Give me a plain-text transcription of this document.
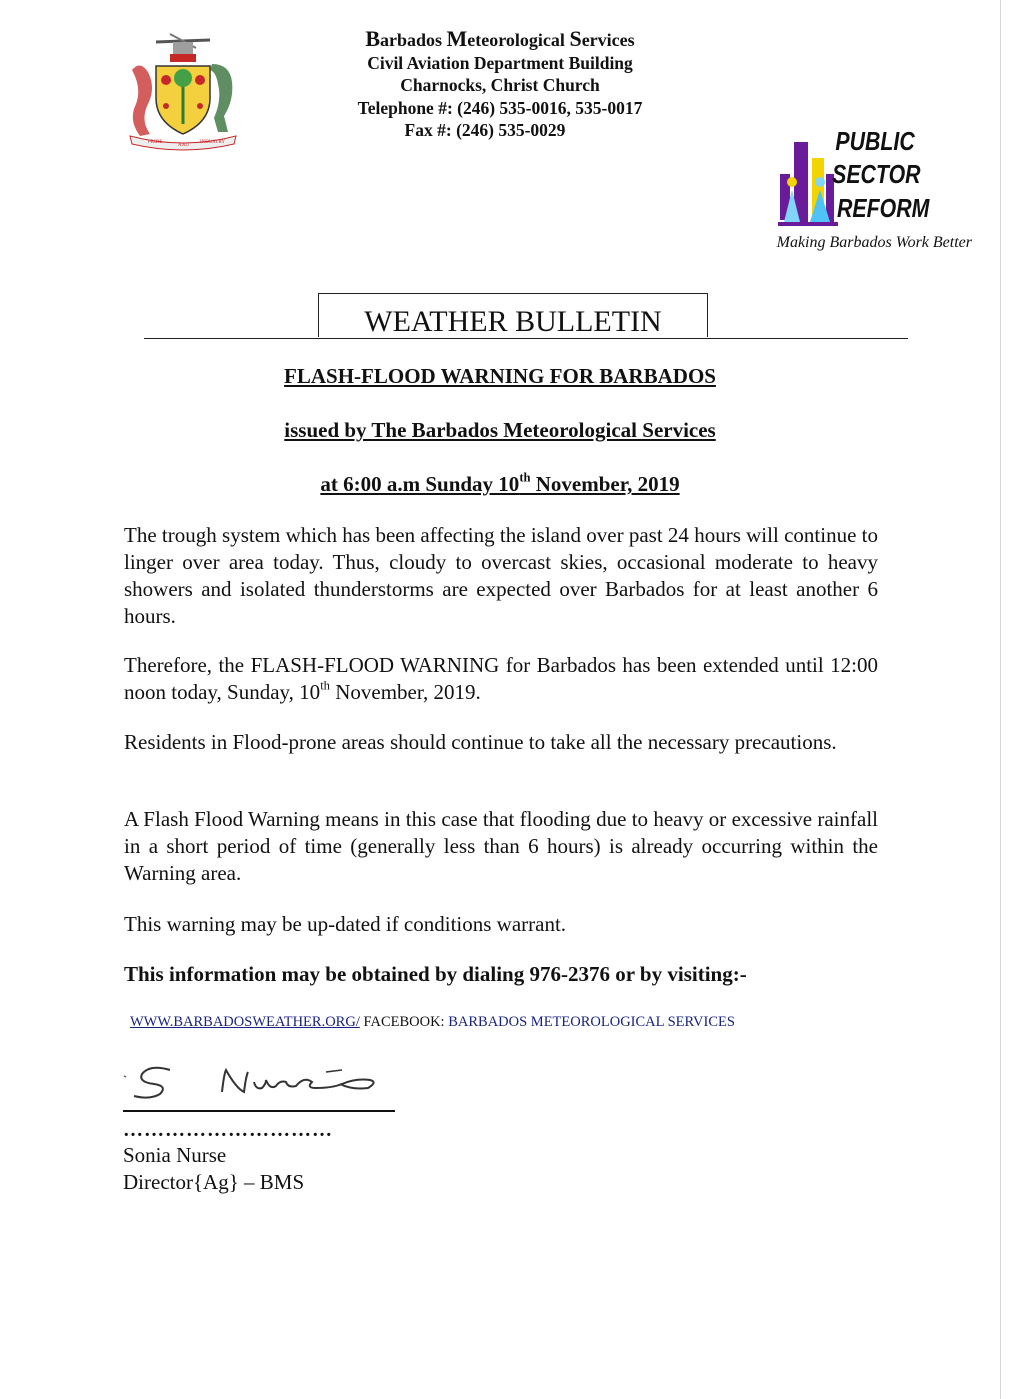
PRIDE
AND
INDUSTRY
Barbados Meteorological Services
Civil Aviation Department Building
Charnocks, Christ Church
Telephone #: (246) 535-0016, 535-0017
Fax #: (246) 535-0029	PUBLIC
SECTOR
REFORM
Making Barbados Work Better
WEATHER BULLETIN
FLASH-FLOOD WARNING FOR BARBADOS
issued by The Barbados Meteorological Services
at 6:00 a.m Sunday 10th November, 2019
The trough system which has been affecting the island over past 24 hours will continue to linger over area today. Thus, cloudy to overcast skies, occasional moderate to heavy showers and isolated thunderstorms are expected over Barbados for at least another 6 hours.
Therefore, the FLASH-FLOOD WARNING for Barbados has been extended until 12:00 noon today, Sunday, 10th November, 2019.
Residents in Flood-prone areas should continue to take all the necessary precautions.
A Flash Flood Warning means in this case that flooding due to heavy or excessive rainfall in a short period of time (generally less than 6 hours) is already occurring within the Warning area.
This warning may be up-dated if conditions warrant.
This information may be obtained by dialing 976-2376 or by visiting:-
WWW.BARBADOSWEATHER.ORG/ FACEBOOK: BARBADOS METEOROLOGICAL SERVICES
…………………………
Sonia Nurse
Director{Ag} – BMS
